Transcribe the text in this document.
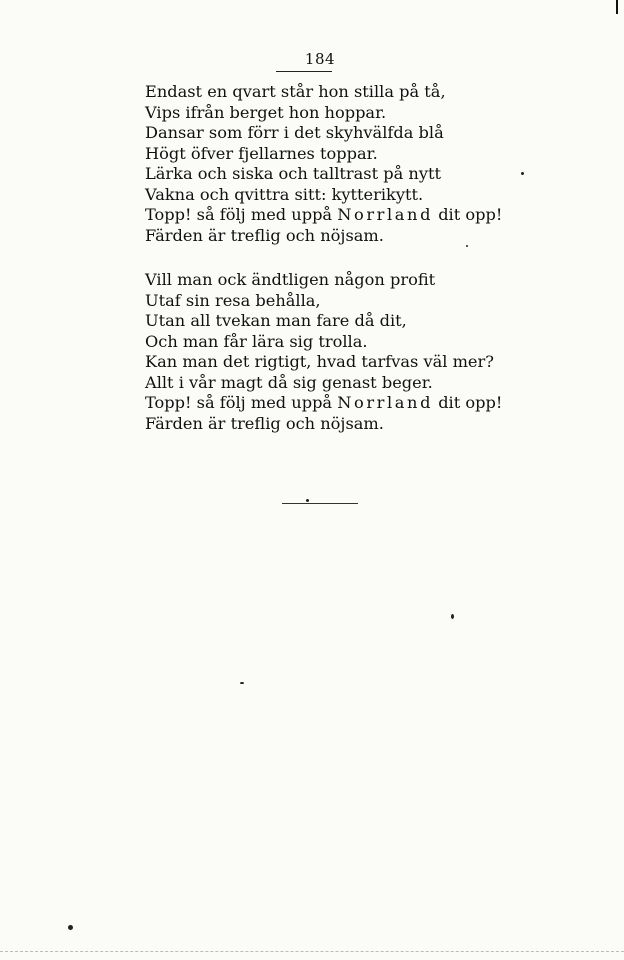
184
Endast en qvart står hon stilla på tå,
Vips ifrån berget hon hoppar.
Dansar som förr i det skyhvälfda blå
Högt öfver fjellarnes toppar.
Lärka och siska och talltrast på nytt
Vakna och qvittra sitt: kytterikytt.
Topp! så följ med uppå Norrland dit opp!
Färden är treflig och nöjsam.
Vill man ock ändtligen någon profit
Utaf sin resa behålla,
Utan all tvekan man fare då dit,
Och man får lära sig trolla.
Kan man det rigtigt, hvad tarfvas väl mer?
Allt i vår magt då sig genast beger.
Topp! så följ med uppå Norrland dit opp!
Färden är treflig och nöjsam.
